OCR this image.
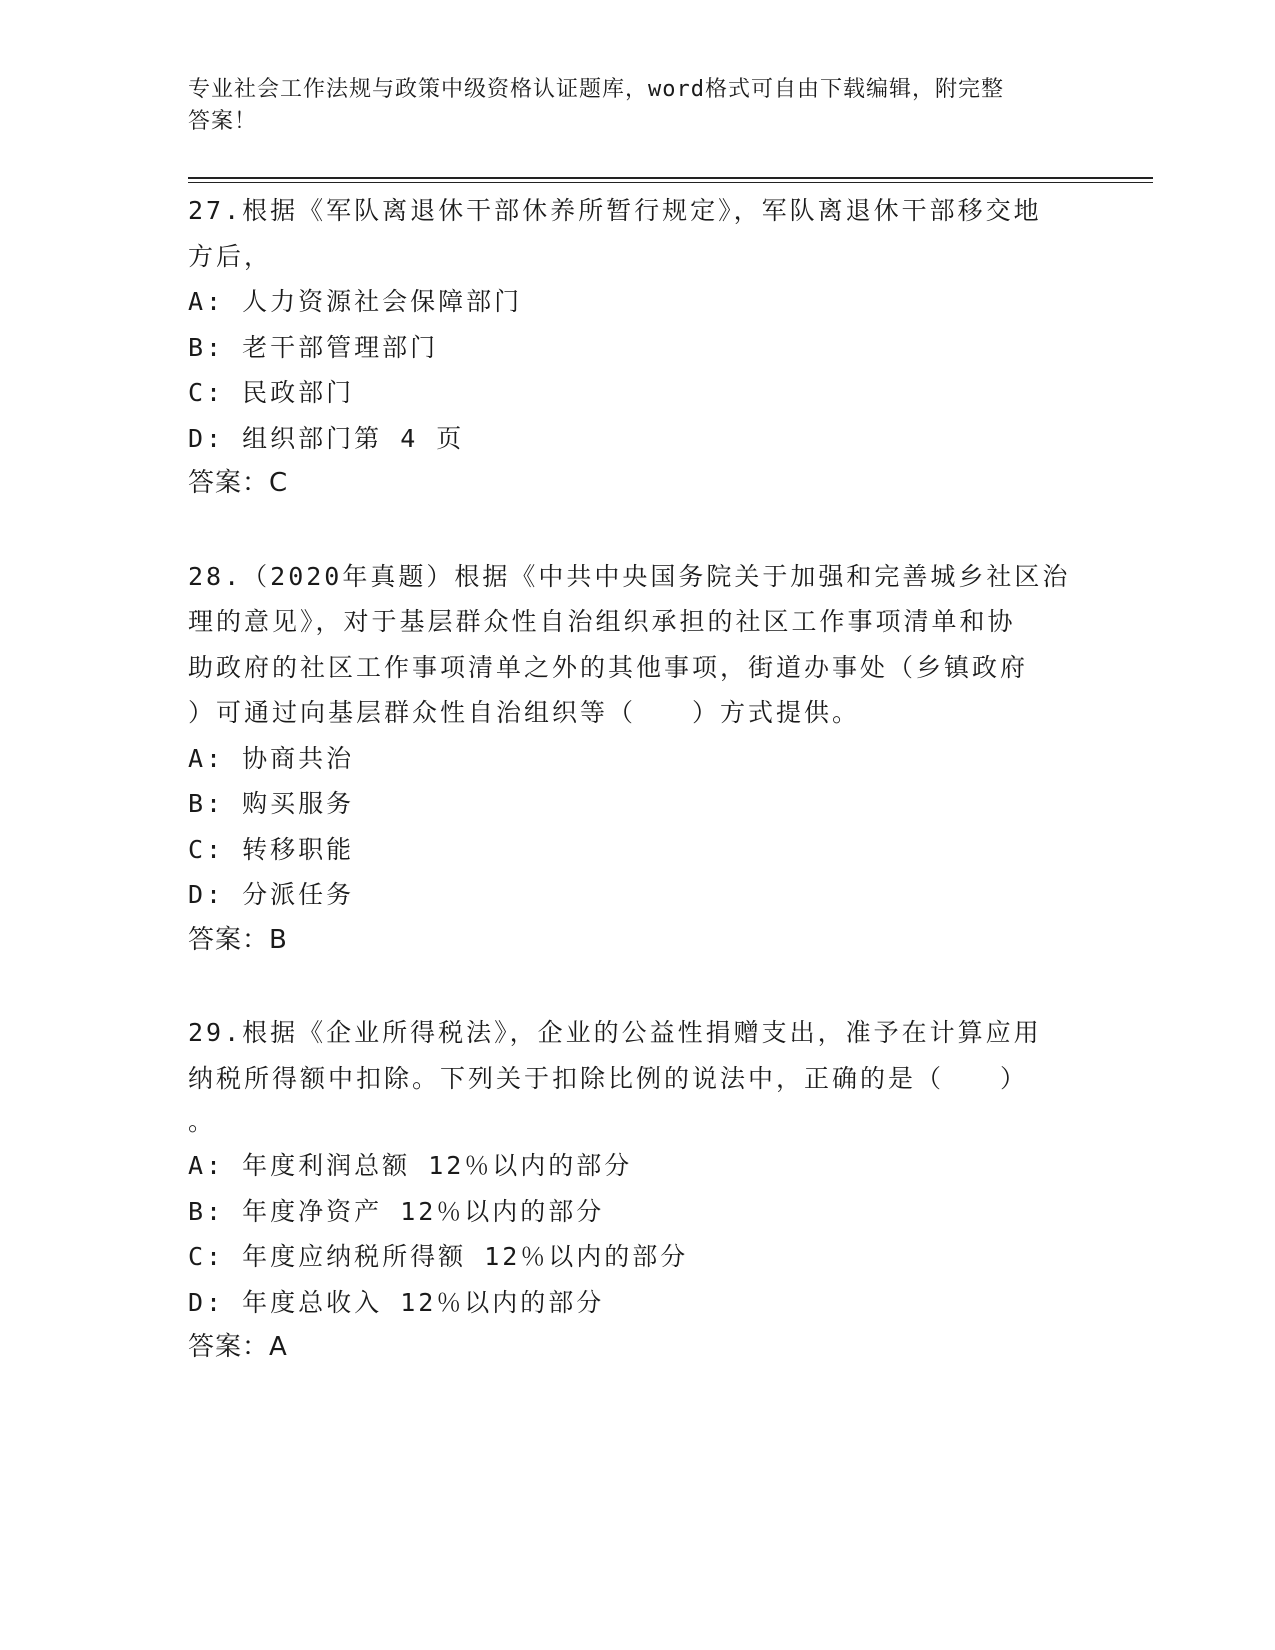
专业社会工作法规与政策中级资格认证题库，word格式可自由下载编辑，附完整
答案！
27.根据《军队离退休干部休养所暂行规定》，军队离退休干部移交地
方后，
A: 人力资源社会保障部门
B: 老干部管理部门
C: 民政部门
D: 组织部门第 4 页
答案：C
28.（2020年真题）根据《中共中央国务院关于加强和完善城乡社区治
理的意见》，对于基层群众性自治组织承担的社区工作事项清单和协
助政府的社区工作事项清单之外的其他事项，街道办事处（乡镇政府
）可通过向基层群众性自治组织等（　　）方式提供。
A: 协商共治
B: 购买服务
C: 转移职能
D: 分派任务
答案：B
29.根据《企业所得税法》，企业的公益性捐赠支出，准予在计算应用
纳税所得额中扣除。下列关于扣除比例的说法中，正确的是（　　）
。
A: 年度利润总额 12％以内的部分
B: 年度净资产 12％以内的部分
C: 年度应纳税所得额 12％以内的部分
D: 年度总收入 12％以内的部分
答案：A
